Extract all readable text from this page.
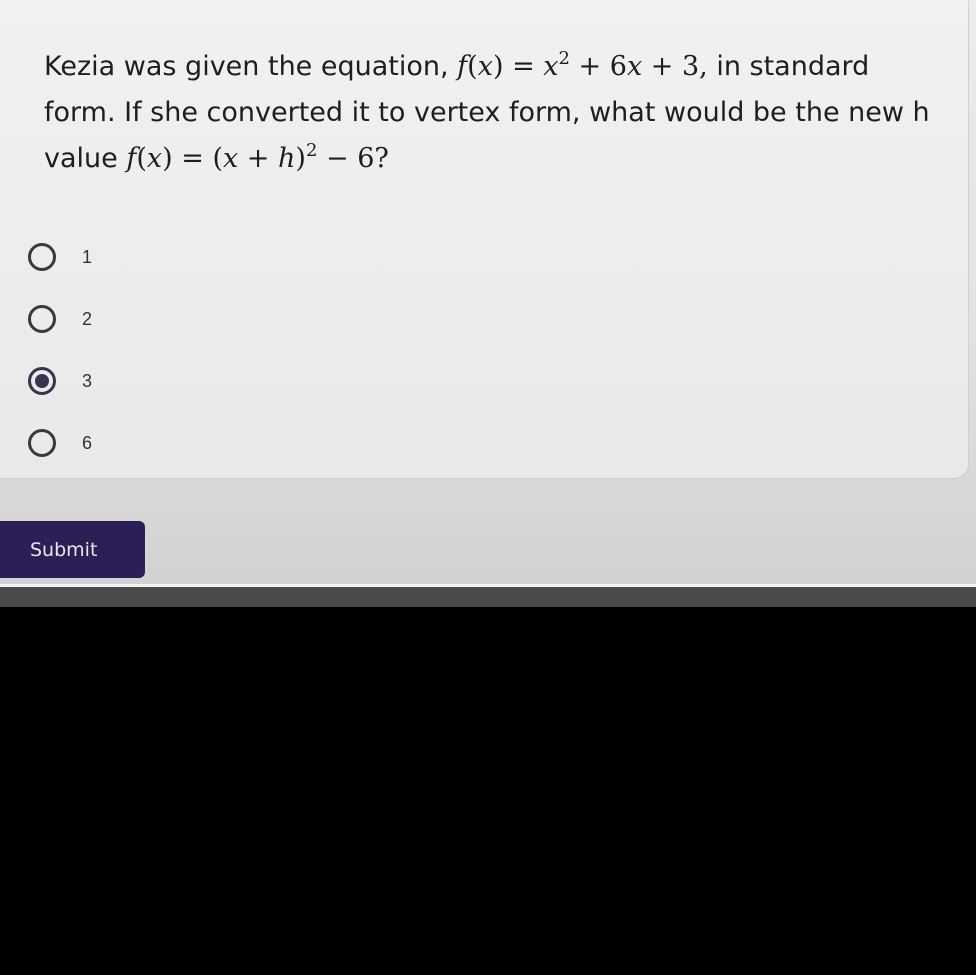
Kezia was given the equation, $f(x) = x^2 + 6x + 3$, in standard form. If she converted it to vertex form, what would be the new h value $f(x) = (x + h)^2 - 6$?

1
2
3
6
Submit
